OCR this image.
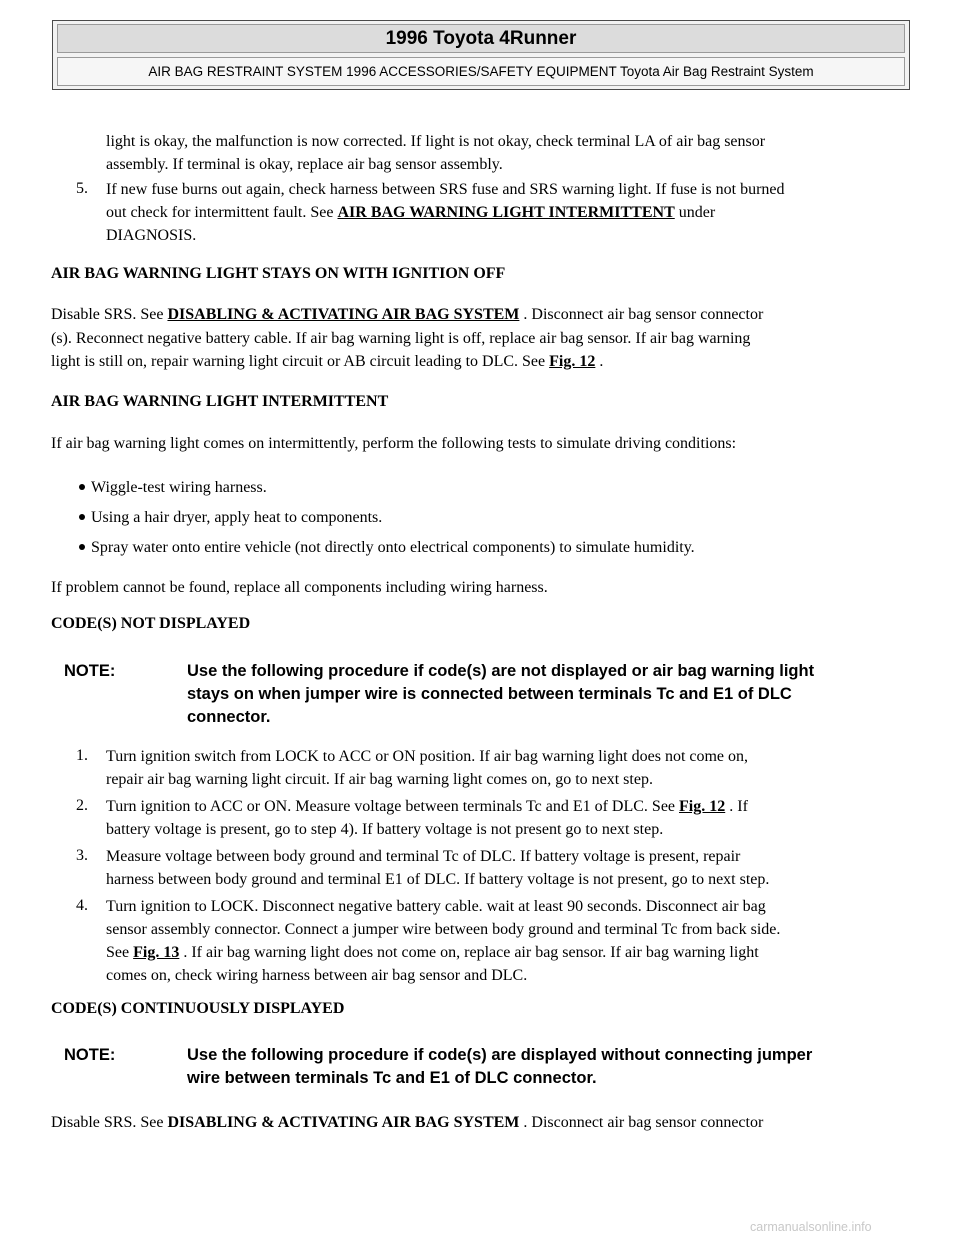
1996 Toyota 4Runner
AIR BAG RESTRAINT SYSTEM 1996 ACCESSORIES/SAFETY EQUIPMENT Toyota Air Bag Restraint System
light is okay, the malfunction is now corrected. If light is not okay, check terminal LA of air bag sensor
assembly. If terminal is okay, replace air bag sensor assembly.
5. If new fuse burns out again, check harness between SRS fuse and SRS warning light. If fuse is not burned
out check for intermittent fault. See AIR BAG WARNING LIGHT INTERMITTENT under
DIAGNOSIS.
AIR BAG WARNING LIGHT STAYS ON WITH IGNITION OFF
Disable SRS. See DISABLING & ACTIVATING AIR BAG SYSTEM . Disconnect air bag sensor connector
(s). Reconnect negative battery cable. If air bag warning light is off, replace air bag sensor. If air bag warning
light is still on, repair warning light circuit or AB circuit leading to DLC. See Fig. 12 .
AIR BAG WARNING LIGHT INTERMITTENT
If air bag warning light comes on intermittently, perform the following tests to simulate driving conditions:
Wiggle-test wiring harness.
Using a hair dryer, apply heat to components.
Spray water onto entire vehicle (not directly onto electrical components) to simulate humidity.
If problem cannot be found, replace all components including wiring harness.
CODE(S) NOT DISPLAYED
NOTE:	Use the following procedure if code(s) are not displayed or air bag warning light
stays on when jumper wire is connected between terminals Tc and E1 of DLC
connector.
1. Turn ignition switch from LOCK to ACC or ON position. If air bag warning light does not come on,
repair air bag warning light circuit. If air bag warning light comes on, go to next step.
2. Turn ignition to ACC or ON. Measure voltage between terminals Tc and E1 of DLC. See Fig. 12 . If
battery voltage is present, go to step 4). If battery voltage is not present go to next step.
3. Measure voltage between body ground and terminal Tc of DLC. If battery voltage is present, repair
harness between body ground and terminal E1 of DLC. If battery voltage is not present, go to next step.
4. Turn ignition to LOCK. Disconnect negative battery cable. wait at least 90 seconds. Disconnect air bag
sensor assembly connector. Connect a jumper wire between body ground and terminal Tc from back side.
See Fig. 13 . If air bag warning light does not come on, replace air bag sensor. If air bag warning light
comes on, check wiring harness between air bag sensor and DLC.
CODE(S) CONTINUOUSLY DISPLAYED
NOTE:	Use the following procedure if code(s) are displayed without connecting jumper
wire between terminals Tc and E1 of DLC connector.
Disable SRS. See DISABLING & ACTIVATING AIR BAG SYSTEM . Disconnect air bag sensor connector
carmanualsonline.info
